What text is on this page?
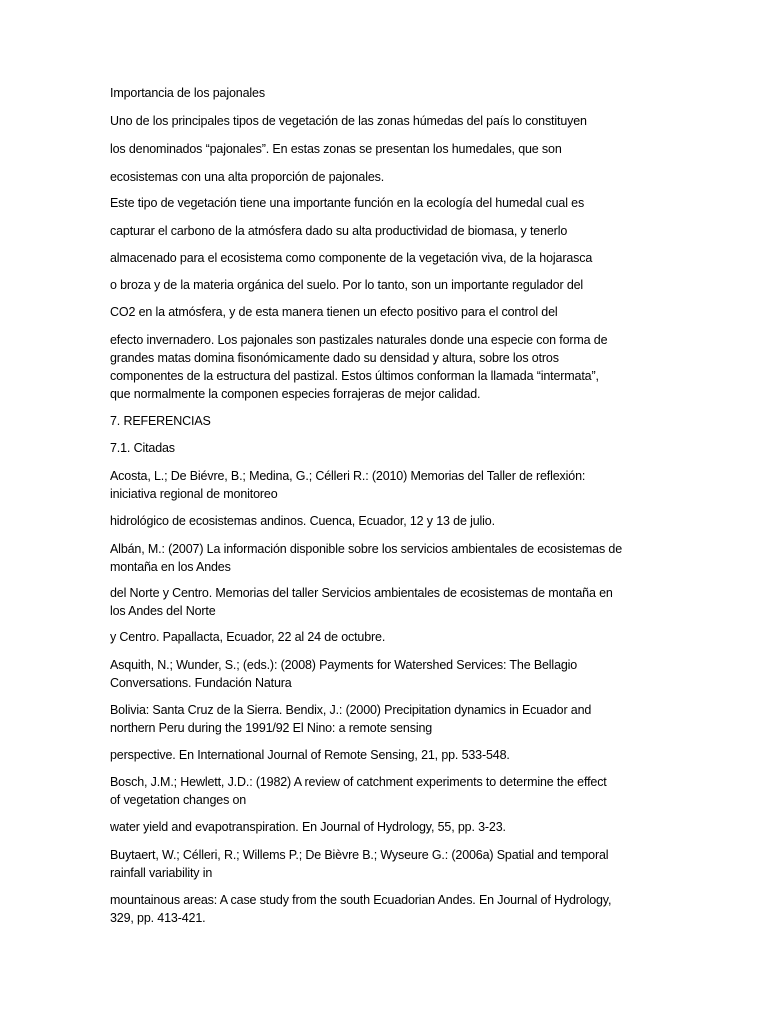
Importancia de los pajonales
Uno de los principales tipos de vegetación de las zonas húmedas del país lo constituyen
los denominados “pajonales”. En estas zonas se presentan los humedales, que son
ecosistemas con una alta proporción de pajonales.
Este tipo de vegetación tiene una importante función en la ecología del humedal cual es
capturar el carbono de la atmósfera dado su alta productividad de biomasa, y tenerlo
almacenado para el ecosistema como componente de la vegetación viva, de la hojarasca
o broza y de la materia orgánica del suelo. Por lo tanto, son un importante regulador del
CO2 en la atmósfera, y de esta manera tienen un efecto positivo para el control del
efecto invernadero. Los pajonales son pastizales naturales donde una especie con forma de
grandes matas domina fisonómicamente dado su densidad y altura, sobre los otros
componentes de la estructura del pastizal. Estos últimos conforman la llamada “intermata”,
que normalmente la componen especies forrajeras de mejor calidad.
7. REFERENCIAS
7.1. Citadas
Acosta, L.; De Biévre, B.; Medina, G.; Célleri R.: (2010) Memorias del Taller de reflexión:
iniciativa regional de monitoreo
hidrológico de ecosistemas andinos. Cuenca, Ecuador, 12 y 13 de julio.
Albán, M.: (2007) La información disponible sobre los servicios ambientales de ecosistemas de
montaña en los Andes
del Norte y Centro. Memorias del taller Servicios ambientales de ecosistemas de montaña en
los Andes del Norte
y Centro. Papallacta, Ecuador, 22 al 24 de octubre.
Asquith, N.; Wunder, S.; (eds.): (2008) Payments for Watershed Services: The Bellagio
Conversations. Fundación Natura
Bolivia: Santa Cruz de la Sierra. Bendix, J.: (2000) Precipitation dynamics in Ecuador and
northern Peru during the 1991/92 El Nino: a remote sensing
perspective. En International Journal of Remote Sensing, 21, pp. 533-548.
Bosch, J.M.; Hewlett, J.D.: (1982) A review of catchment experiments to determine the effect
of vegetation changes on
water yield and evapotranspiration. En Journal of Hydrology, 55, pp. 3-23.
Buytaert, W.; Célleri, R.; Willems P.; De Bièvre B.; Wyseure G.: (2006a) Spatial and temporal
rainfall variability in
mountainous areas: A case study from the south Ecuadorian Andes. En Journal of Hydrology,
329, pp. 413-421.
